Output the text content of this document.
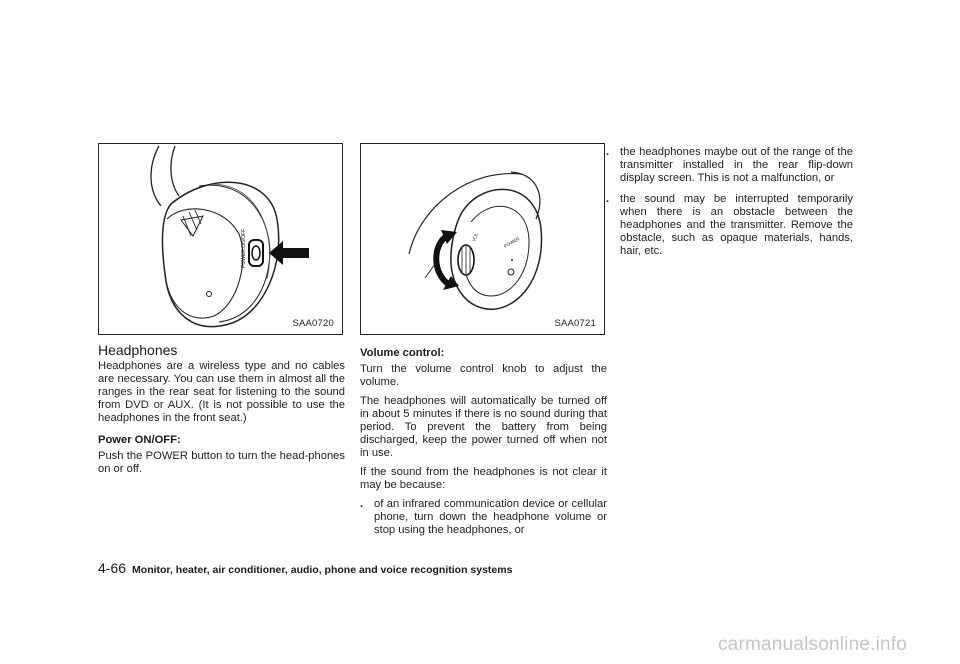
POWER ON/OFF
SAA0720
Headphones

Headphones are a wireless type and no cables are necessary. You can use them in almost all the ranges in the rear seat for listening to the sound from DVD or AUX. (It is not possible to use the headphones in the front seat.)

Power ON/OFF:

Push the POWER button to turn the head-phones on or off.

VOL	POWER
SAA0721
Volume control:

Turn the volume control knob to adjust the volume.

The headphones will automatically be turned off in about 5 minutes if there is no sound during that period. To prevent the battery from being discharged, keep the power turned off when not in use.

If the sound from the headphones is not clear it may be because:

. of an infrared communication device or cellular phone, turn down the headphone volume or stop using the headphones, or
. the headphones maybe out of the range of the transmitter installed in the rear flip-down display screen. This is not a malfunction, or
. the sound may be interrupted temporarily when there is an obstacle between the headphones and the transmitter. Remove the obstacle, such as opaque materials, hands, hair, etc.
4-66 Monitor, heater, air conditioner, audio, phone and voice recognition systems
carmanualsonline.info
